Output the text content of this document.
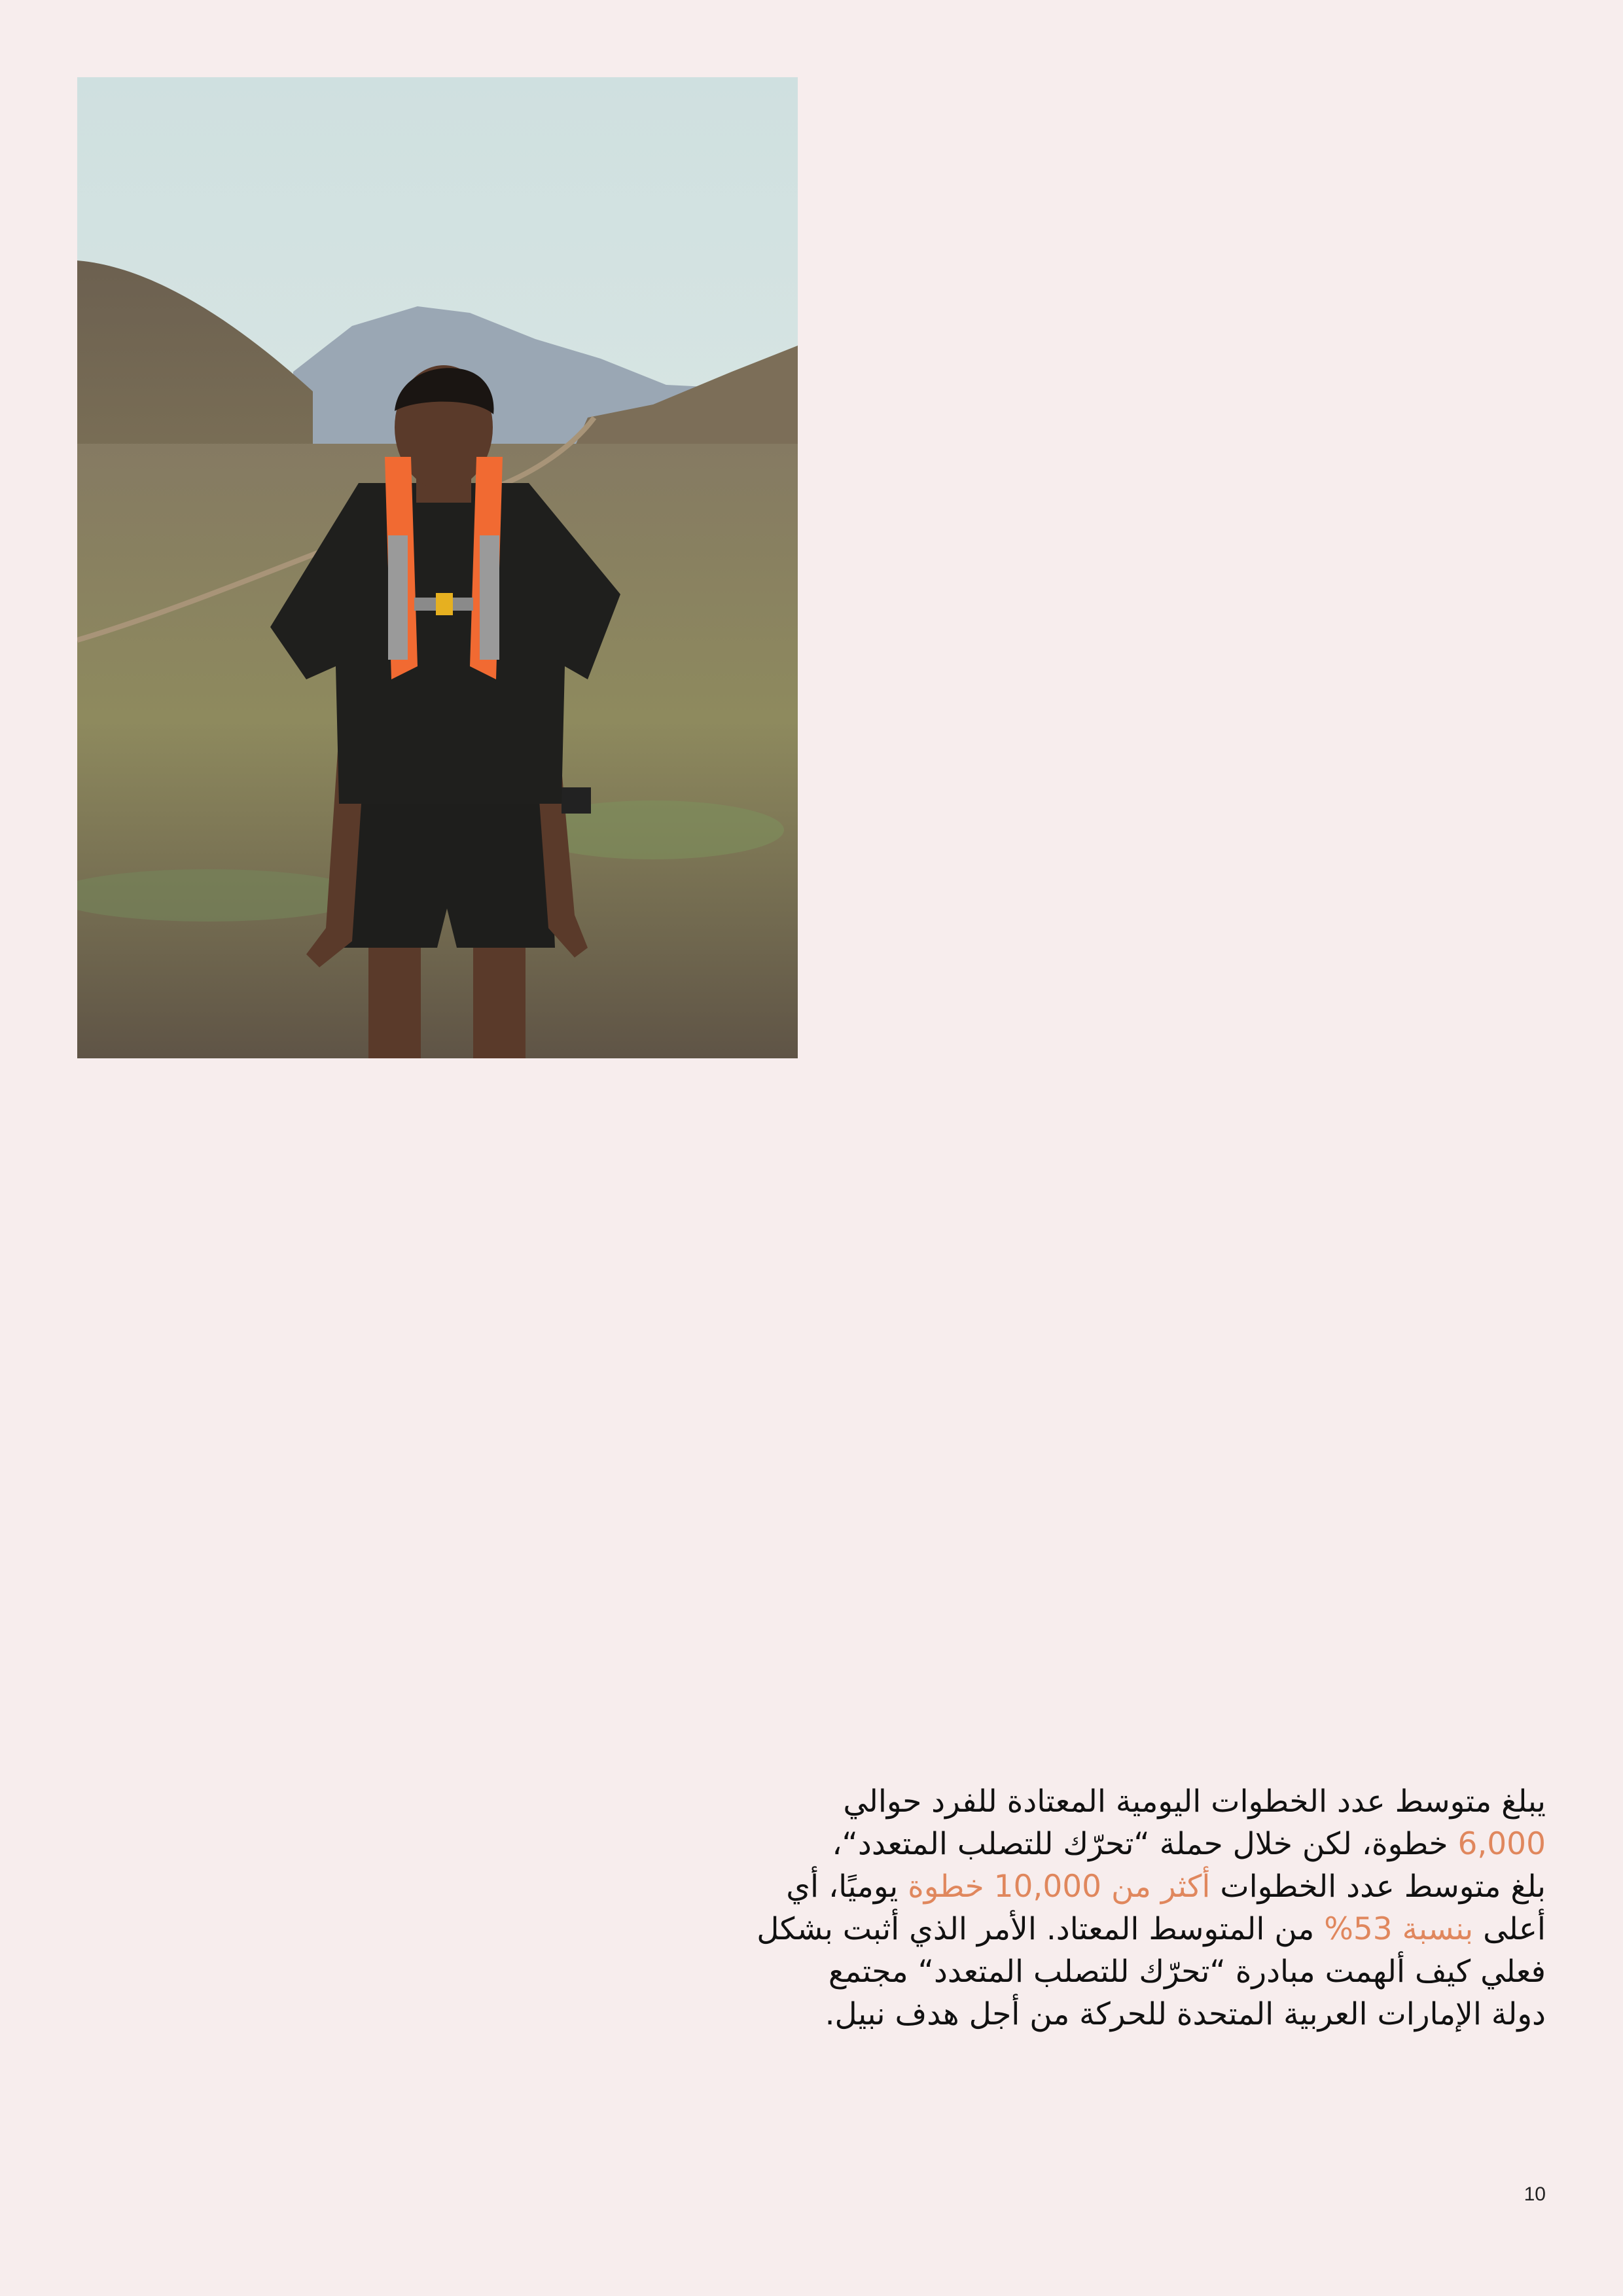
يبلغ متوسط عدد الخطوات اليومية المعتادة للفرد حوالي
6,000 خطوة، لكن خلال حملة “تحرّك للتصلب المتعدد“،
بلغ متوسط عدد الخطوات أكثر من 10,000 خطوة يوميًا، أي
أعلى بنسبة 53% من المتوسط المعتاد. الأمر الذي أثبت بشكل
فعلي كيف ألهمت مبادرة “تحرّك للتصلب المتعدد“ مجتمع
دولة الإمارات العربية المتحدة للحركة من أجل هدف نبيل.

10
